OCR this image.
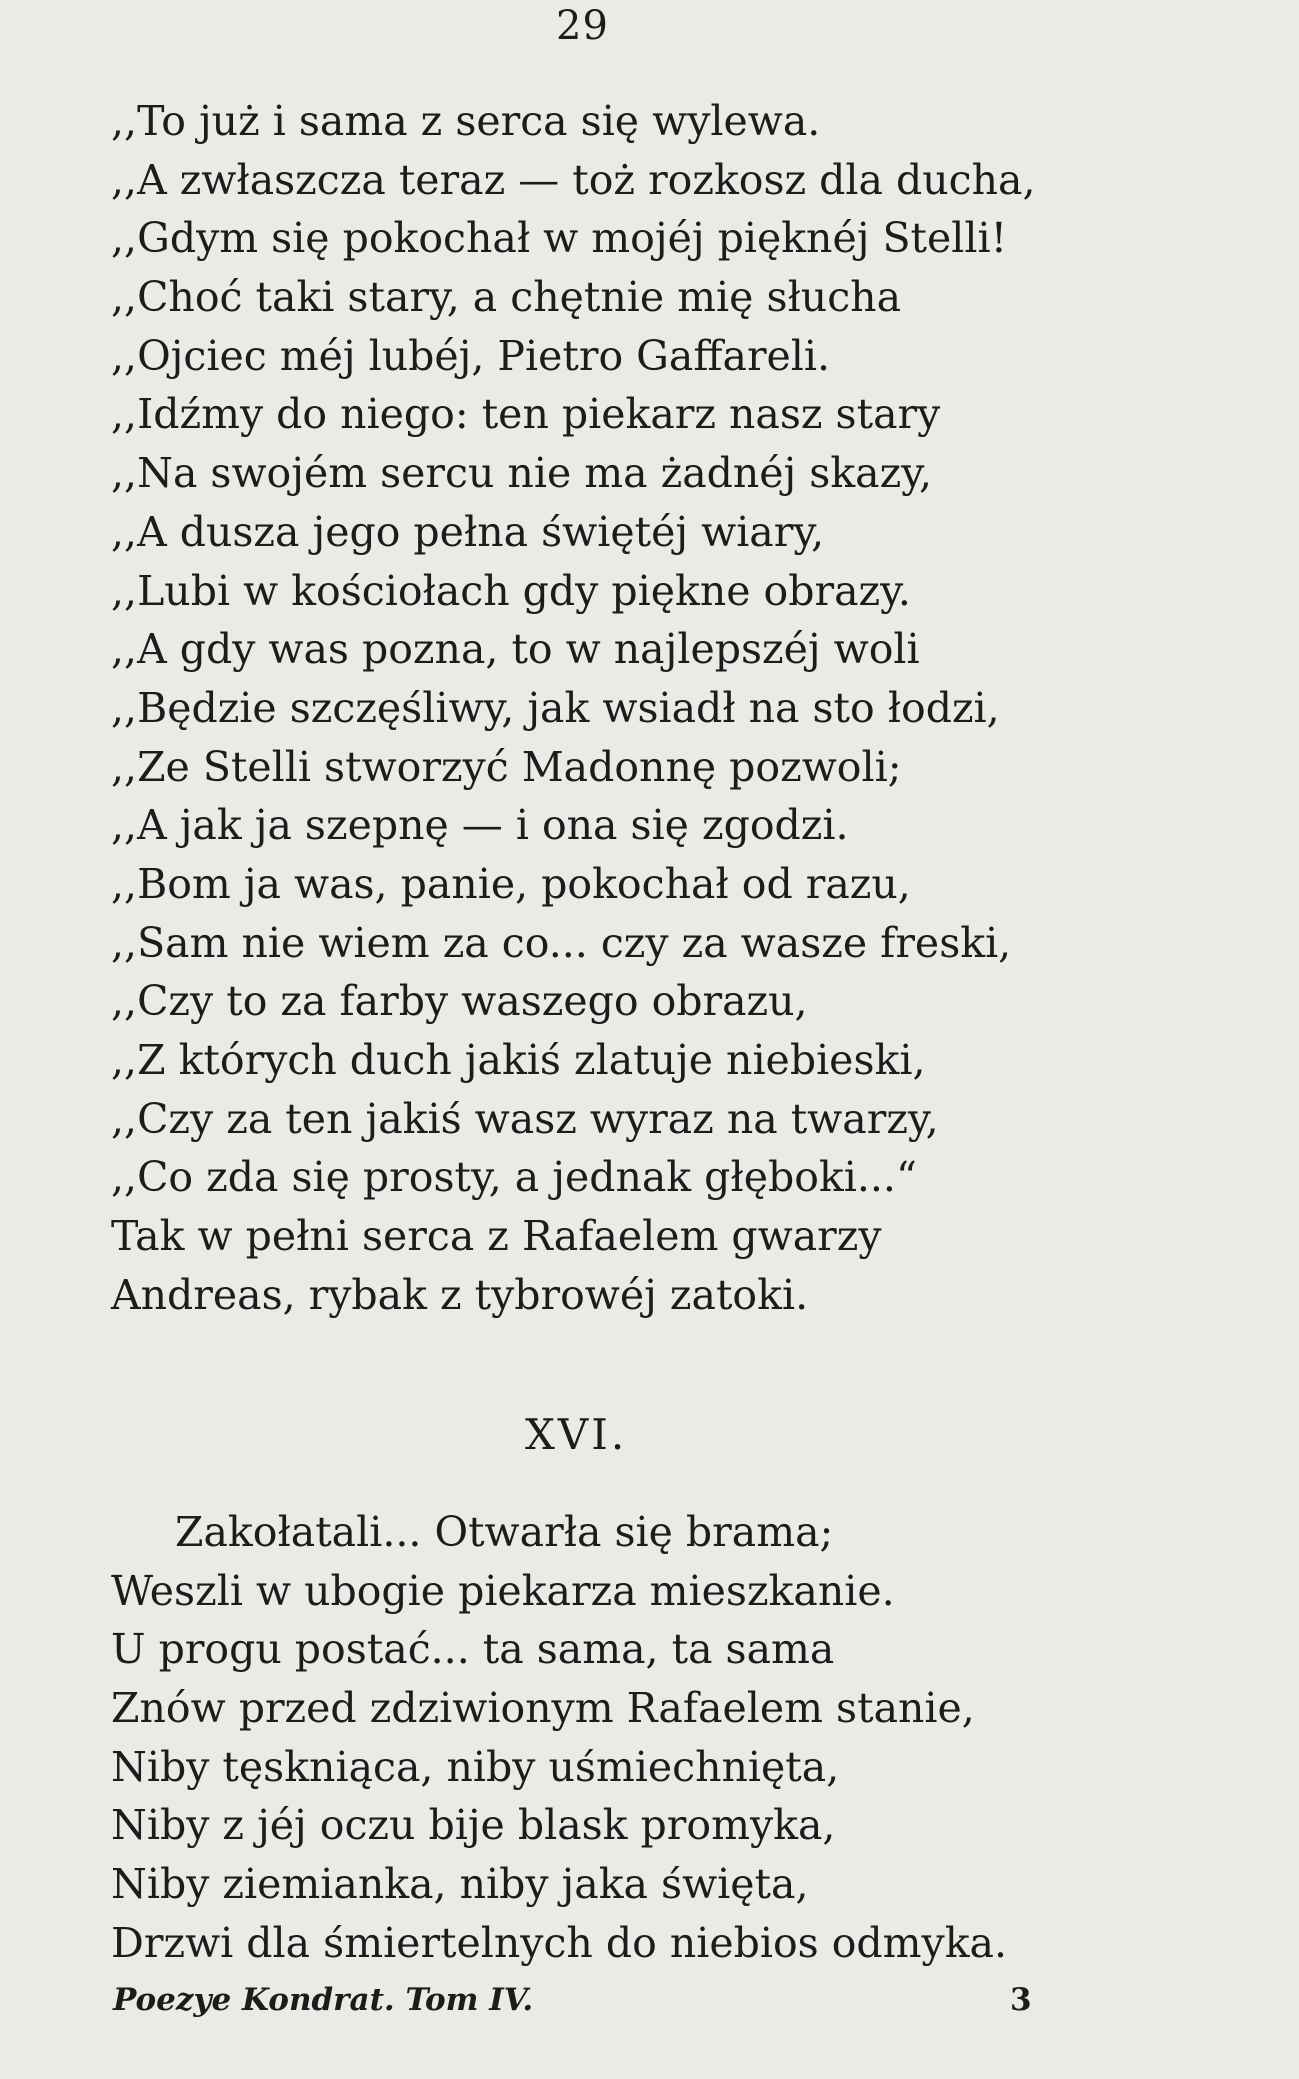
29
,,To już i sama z serca się wylewa.
,,A zwłaszcza teraz — toż rozkosz dla ducha,
,,Gdym się pokochał w mojéj pięknéj Stelli!
,,Choć taki stary, a chętnie mię słucha
,,Ojciec méj lubéj, Pietro Gaffareli.
,,Idźmy do niego: ten piekarz nasz stary
,,Na swojém sercu nie ma żadnéj skazy,
,,A dusza jego pełna świętéj wiary,
,,Lubi w kościołach gdy piękne obrazy.
,,A gdy was pozna, to w najlepszéj woli
,,Będzie szczęśliwy, jak wsiadł na sto łodzi,
,,Ze Stelli stworzyć Madonnę pozwoli;
,,A jak ja szepnę — i ona się zgodzi.
,,Bom ja was, panie, pokochał od razu,
,,Sam nie wiem za co... czy za wasze freski,
,,Czy to za farby waszego obrazu,
,,Z których duch jakiś zlatuje niebieski,
,,Czy za ten jakiś wasz wyraz na twarzy,
,,Co zda się prosty, a jednak głęboki...“
Tak w pełni serca z Rafaelem gwarzy
Andreas, rybak z tybrowéj zatoki.
XVI.
Zakołatali... Otwarła się brama;
Weszli w ubogie piekarza mieszkanie.
U progu postać... ta sama, ta sama
Znów przed zdziwionym Rafaelem stanie,
Niby tęskniąca, niby uśmiechnięta,
Niby z jéj oczu bije blask promyka,
Niby ziemianka, niby jaka święta,
Drzwi dla śmiertelnych do niebios odmyka.
Poezye Kondrat. Tom IV.	3
